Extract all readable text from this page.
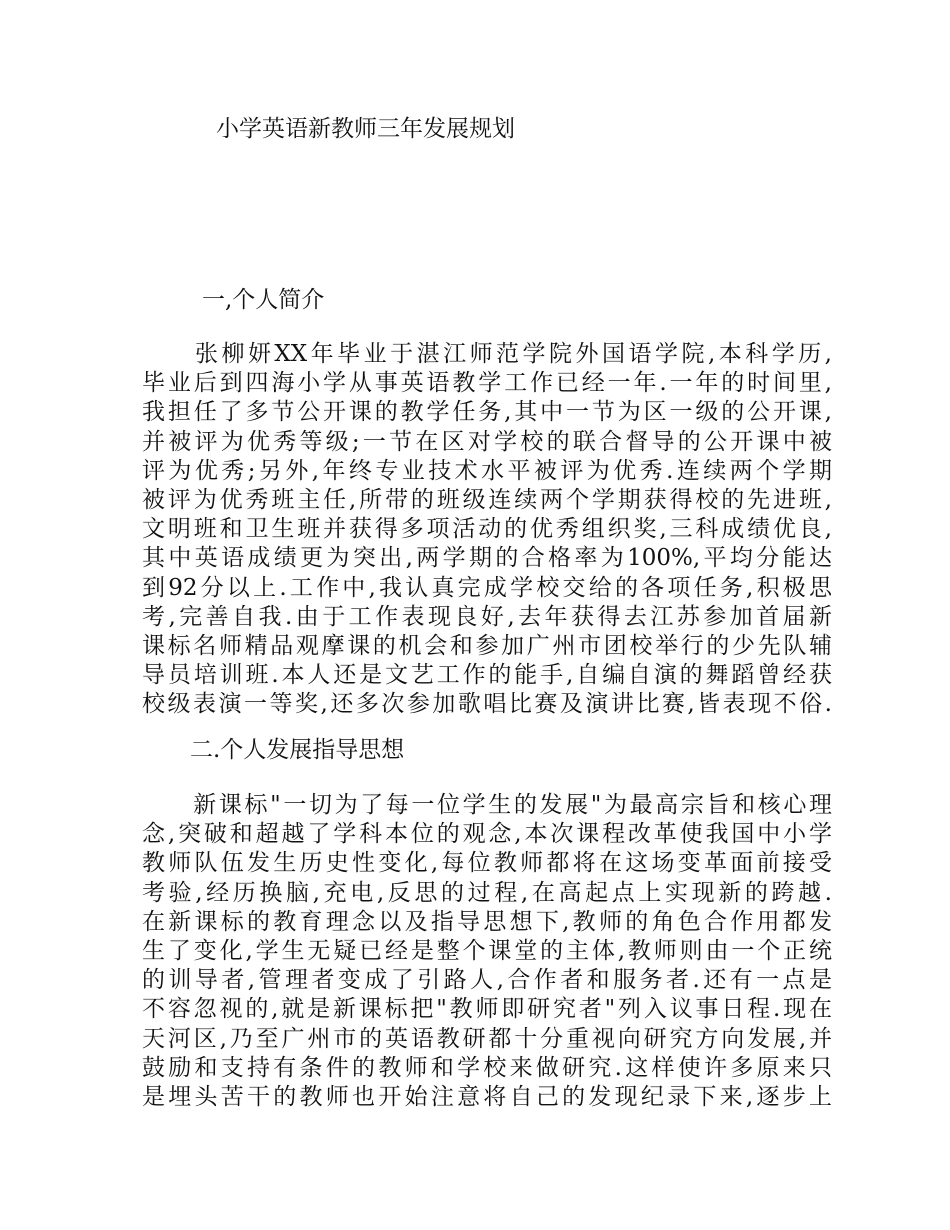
小学英语新教师三年发展规划
一,个人简介
　　张柳妍XX年毕业于湛江师范学院外国语学院,本科学历,
毕业后到四海小学从事英语教学工作已经一年.一年的时间里,
我担任了多节公开课的教学任务,其中一节为区一级的公开课,
并被评为优秀等级;一节在区对学校的联合督导的公开课中被
评为优秀;另外,年终专业技术水平被评为优秀.连续两个学期
被评为优秀班主任,所带的班级连续两个学期获得校的先进班,
文明班和卫生班并获得多项活动的优秀组织奖,三科成绩优良,
其中英语成绩更为突出,两学期的合格率为100%,平均分能达
到92分以上.工作中,我认真完成学校交给的各项任务,积极思
考,完善自我.由于工作表现良好,去年获得去江苏参加首届新
课标名师精品观摩课的机会和参加广州市团校举行的少先队辅
导员培训班.本人还是文艺工作的能手,自编自演的舞蹈曾经获
校级表演一等奖,还多次参加歌唱比赛及演讲比赛,皆表现不俗.
二.个人发展指导思想
　　新课标"一切为了每一位学生的发展"为最高宗旨和核心理
念,突破和超越了学科本位的观念,本次课程改革使我国中小学
教师队伍发生历史性变化,每位教师都将在这场变革面前接受
考验,经历换脑,充电,反思的过程,在高起点上实现新的跨越.
在新课标的教育理念以及指导思想下,教师的角色合作用都发
生了变化,学生无疑已经是整个课堂的主体,教师则由一个正统
的训导者,管理者变成了引路人,合作者和服务者.还有一点是
不容忽视的,就是新课标把"教师即研究者"列入议事日程.现在
天河区,乃至广州市的英语教研都十分重视向研究方向发展,并
鼓励和支持有条件的教师和学校来做研究.这样使许多原来只
是埋头苦干的教师也开始注意将自己的发现纪录下来,逐步上
